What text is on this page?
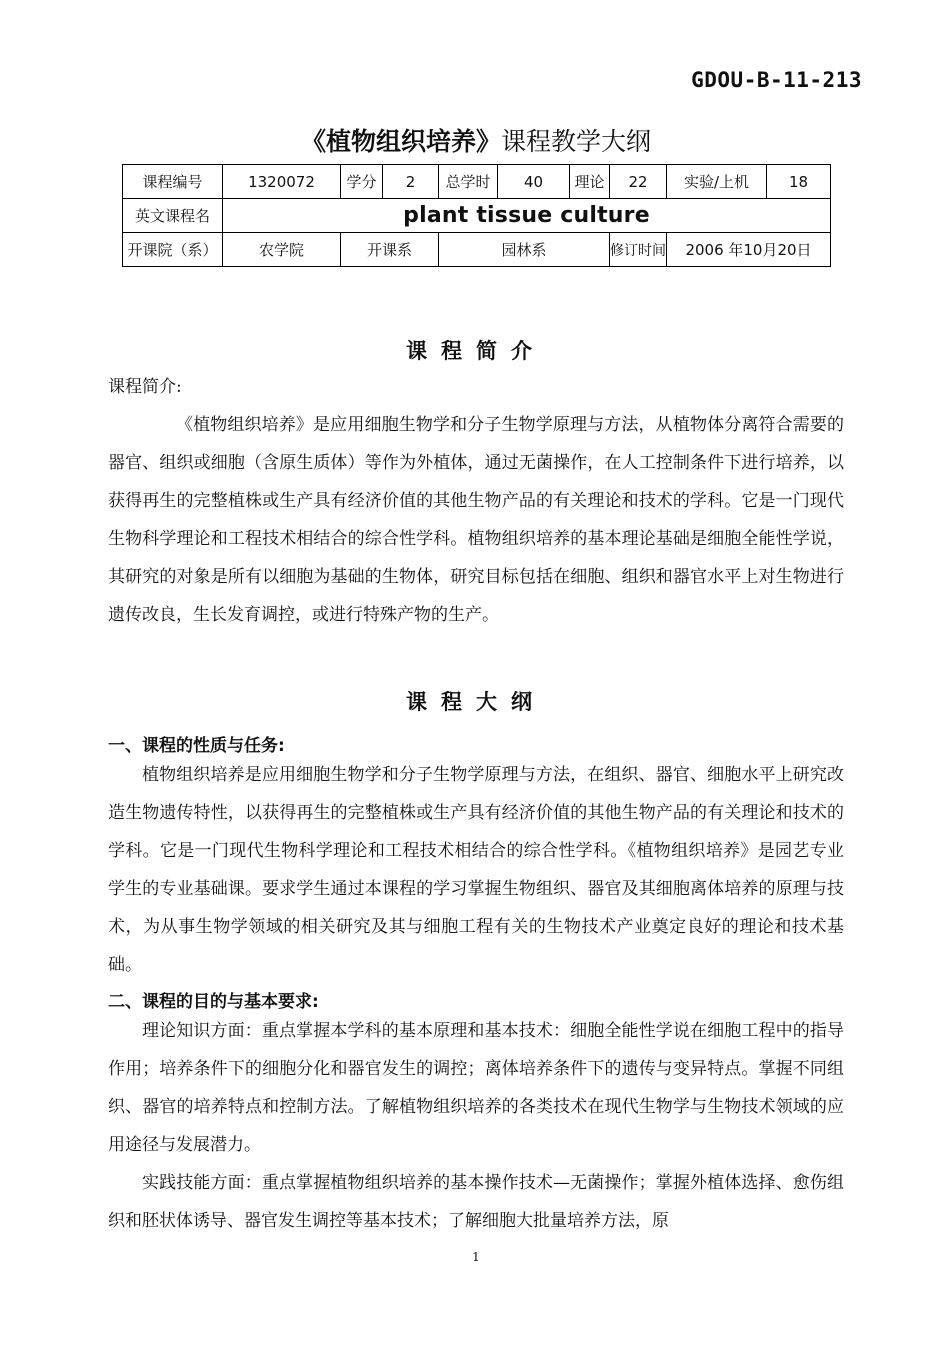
GDOU-B-11-213
《植物组织培养》课程教学大纲
课程编号	1320072	学分	2	总学时	40	理论	22	实验/上机	18
英文课程名	plant tissue culture								
开课院（系）	农学院	开课系		园林系			修订时间	2006 年10月20日	
课程简介

课程简介:

《植物组织培养》是应用细胞生物学和分子生物学原理与方法，从植物体分离符合需要的器官、组织或细胞（含原生质体）等作为外植体，通过无菌操作，在人工控制条件下进行培养，以获得再生的完整植株或生产具有经济价值的其他生物产品的有关理论和技术的学科。它是一门现代生物科学理论和工程技术相结合的综合性学科。植物组织培养的基本理论基础是细胞全能性学说，其研究的对象是所有以细胞为基础的生物体，研究目标包括在细胞、组织和器官水平上对生物进行遗传改良，生长发育调控，或进行特殊产物的生产。

课程大纲
一、课程的性质与任务:

植物组织培养是应用细胞生物学和分子生物学原理与方法，在组织、器官、细胞水平上研究改造生物遗传特性，以获得再生的完整植株或生产具有经济价值的其他生物产品的有关理论和技术的学科。它是一门现代生物科学理论和工程技术相结合的综合性学科。《植物组织培养》是园艺专业学生的专业基础课。要求学生通过本课程的学习掌握生物组织、器官及其细胞离体培养的原理与技术，为从事生物学领域的相关研究及其与细胞工程有关的生物技术产业奠定良好的理论和技术基础。

二、课程的目的与基本要求:

理论知识方面：重点掌握本学科的基本原理和基本技术：细胞全能性学说在细胞工程中的指导作用；培养条件下的细胞分化和器官发生的调控；离体培养条件下的遗传与变异特点。掌握不同组织、器官的培养特点和控制方法。了解植物组织培养的各类技术在现代生物学与生物技术领域的应用途径与发展潜力。

实践技能方面：重点掌握植物组织培养的基本操作技术—无菌操作；掌握外植体选择、愈伤组织和胚状体诱导、器官发生调控等基本技术；了解细胞大批量培养方法，原

1
